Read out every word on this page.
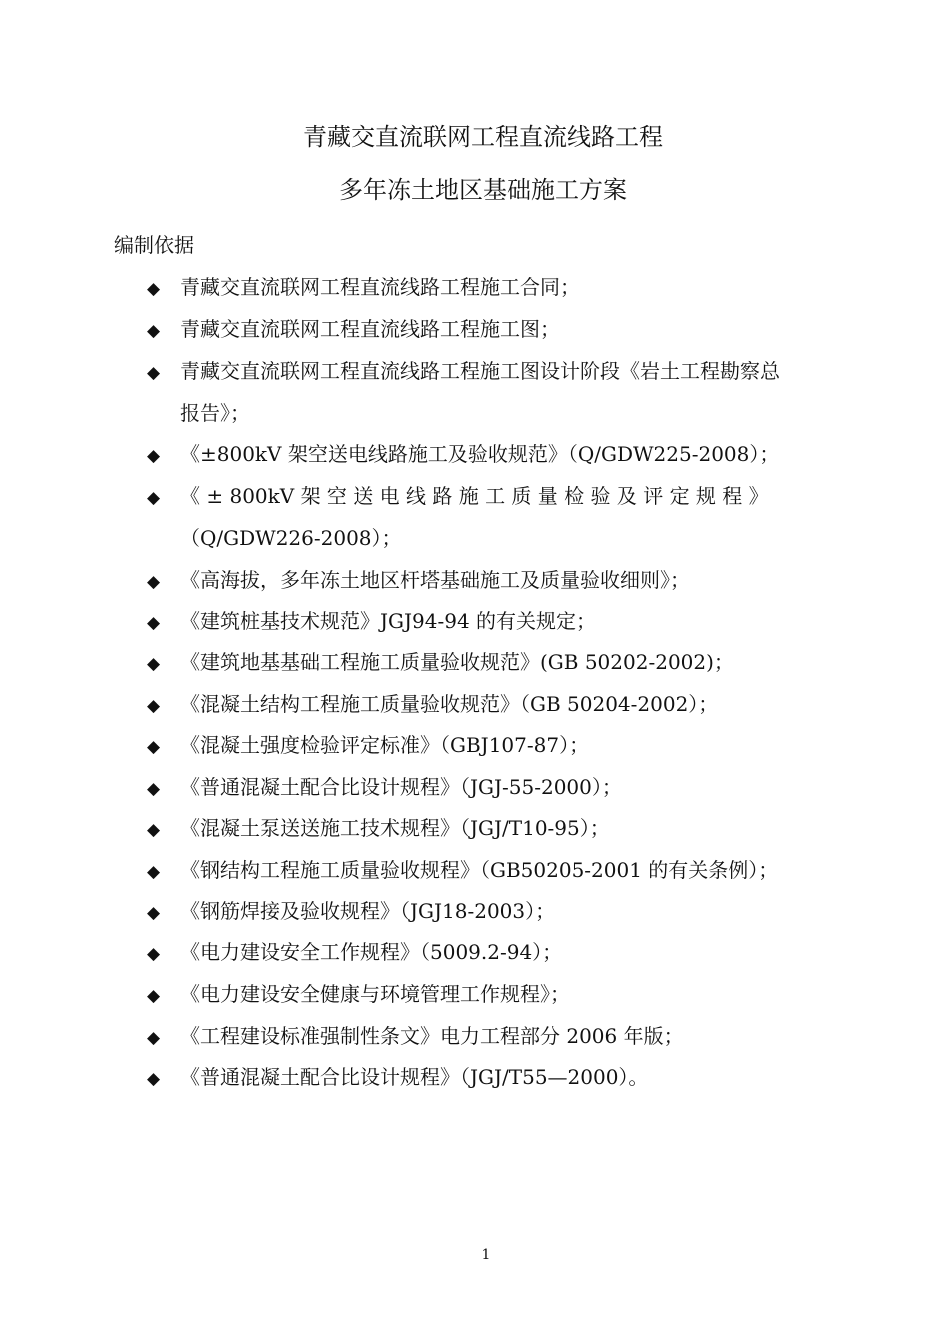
青藏交直流联网工程直流线路工程
多年冻土地区基础施工方案
编制依据
◆ 青藏交直流联网工程直流线路工程施工合同；
◆ 青藏交直流联网工程直流线路工程施工图；
◆ 青藏交直流联网工程直流线路工程施工图设计阶段《岩土工程勘察总
报告》；
◆ 《±800kV 架空送电线路施工及验收规范》（Q/GDW225-2008）；
◆ 《 ± 800kV 架 空 送 电 线 路 施 工 质 量 检 验 及 评 定 规 程 》
（Q/GDW226-2008）；
◆ 《高海拔，多年冻土地区杆塔基础施工及质量验收细则》；
◆ 《建筑桩基技术规范》JGJ94-94 的有关规定；
◆ 《建筑地基基础工程施工质量验收规范》(GB 50202-2002)；
◆ 《混凝土结构工程施工质量验收规范》（GB 50204-2002）；
◆ 《混凝土强度检验评定标准》（GBJ107-87）；
◆ 《普通混凝土配合比设计规程》（JGJ-55-2000）；
◆ 《混凝土泵送送施工技术规程》（JGJ/T10-95）；
◆ 《钢结构工程施工质量验收规程》（GB50205-2001 的有关条例）；
◆ 《钢筋焊接及验收规程》（JGJ18-2003）；
◆ 《电力建设安全工作规程》（5009.2-94）；
◆ 《电力建设安全健康与环境管理工作规程》；
◆ 《工程建设标准强制性条文》电力工程部分 2006 年版；
◆ 《普通混凝土配合比设计规程》（JGJ/T55—2000）。
1
